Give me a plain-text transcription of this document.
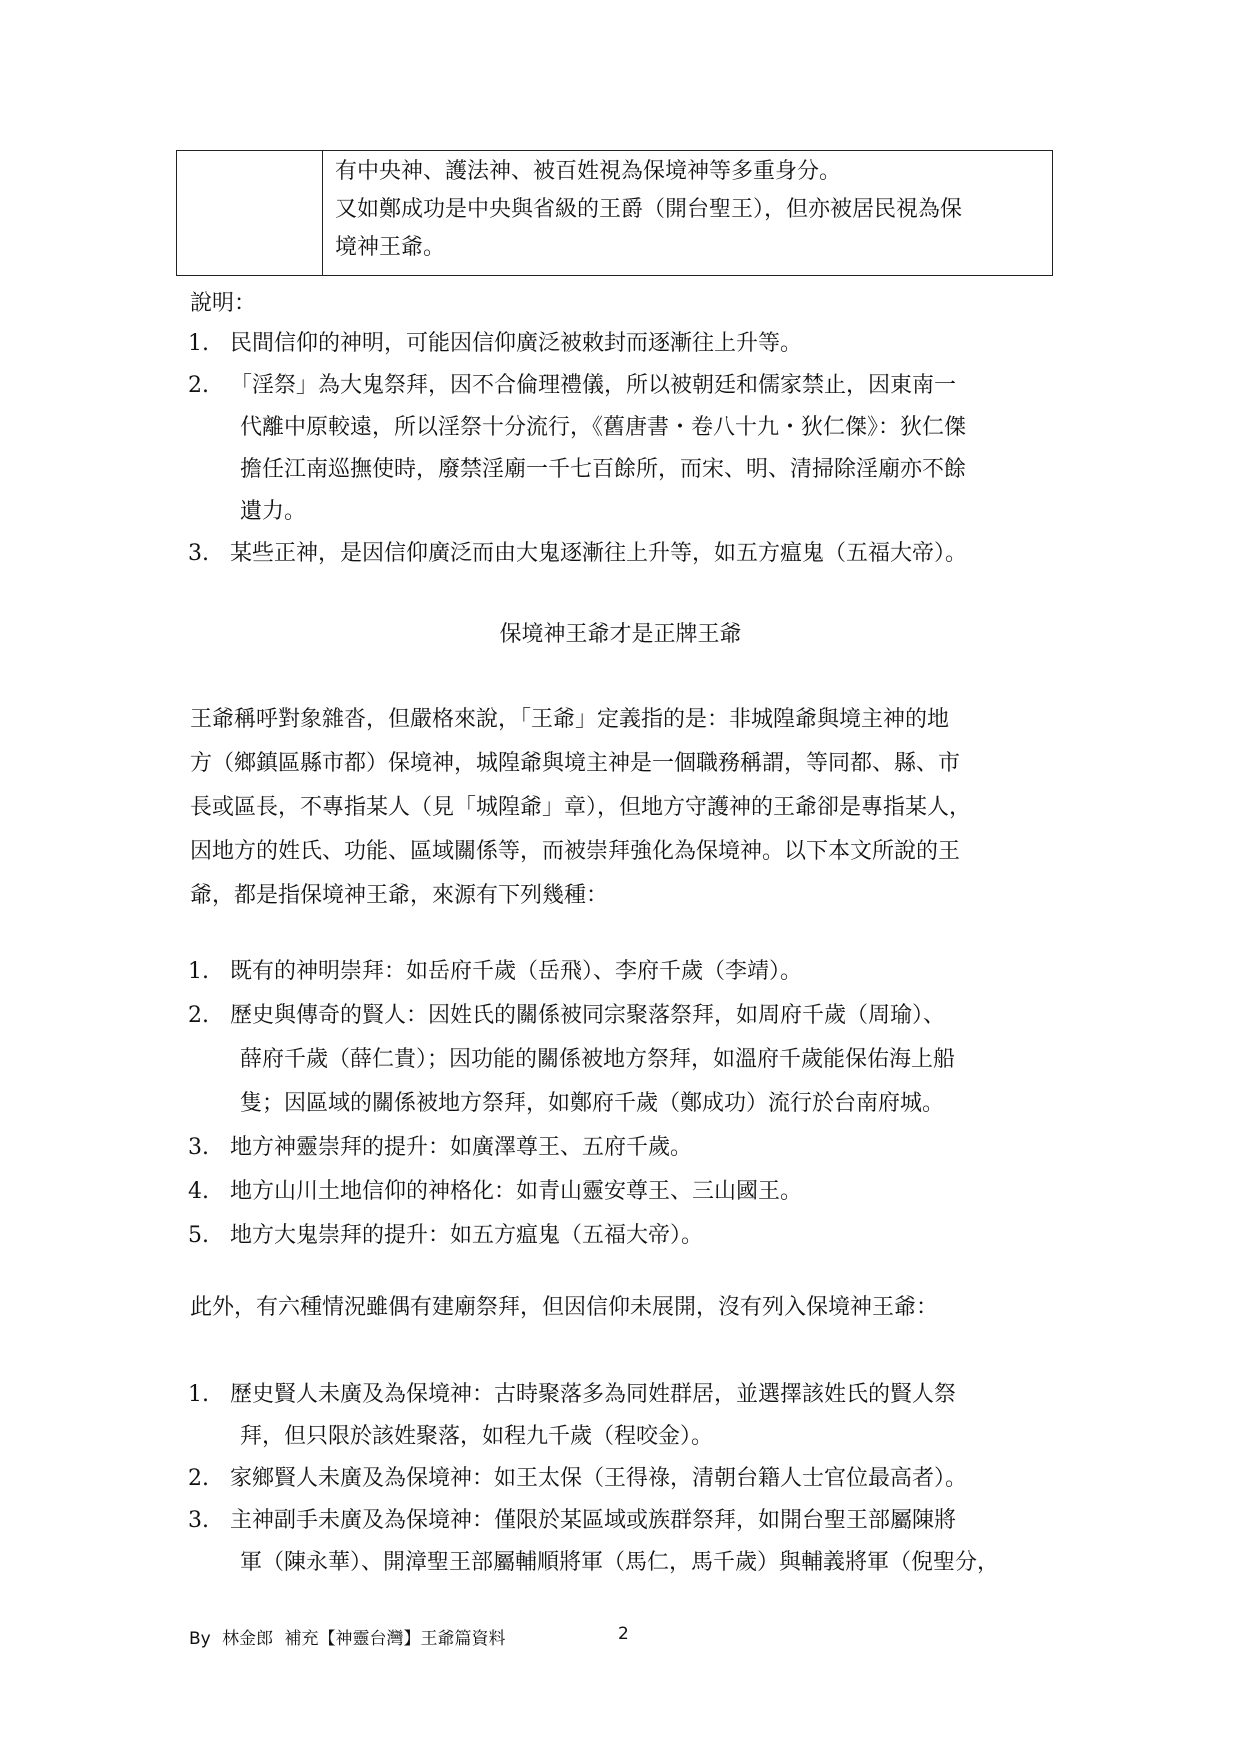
有中央神、護法神、被百姓視為保境神等多重身分。
又如鄭成功是中央與省級的王爵（開台聖王），但亦被居民視為保
境神王爺。
說明：
1. 民間信仰的神明，可能因信仰廣泛被敕封而逐漸往上升等。
2. 「淫祭」為大鬼祭拜，因不合倫理禮儀，所以被朝廷和儒家禁止，因東南一
代離中原較遠，所以淫祭十分流行，《舊唐書・卷八十九・狄仁傑》：狄仁傑
擔任江南巡撫使時，廢禁淫廟一千七百餘所，而宋、明、清掃除淫廟亦不餘
遺力。
3. 某些正神，是因信仰廣泛而由大鬼逐漸往上升等，如五方瘟鬼（五福大帝）。
保境神王爺才是正牌王爺
王爺稱呼對象雜沓，但嚴格來說，「王爺」定義指的是：非城隍爺與境主神的地
方（鄉鎮區縣市都）保境神，城隍爺與境主神是一個職務稱謂，等同都、縣、市
長或區長，不專指某人（見「城隍爺」章），但地方守護神的王爺卻是專指某人，
因地方的姓氏、功能、區域關係等，而被崇拜強化為保境神。以下本文所說的王
爺，都是指保境神王爺，來源有下列幾種：
1. 既有的神明崇拜：如岳府千歲（岳飛）、李府千歲（李靖）。
2. 歷史與傳奇的賢人：因姓氏的關係被同宗聚落祭拜，如周府千歲（周瑜）、
薛府千歲（薛仁貴）；因功能的關係被地方祭拜，如溫府千歲能保佑海上船
隻；因區域的關係被地方祭拜，如鄭府千歲（鄭成功）流行於台南府城。
3. 地方神靈崇拜的提升：如廣澤尊王、五府千歲。
4. 地方山川土地信仰的神格化：如青山靈安尊王、三山國王。
5. 地方大鬼崇拜的提升：如五方瘟鬼（五福大帝）。
此外，有六種情況雖偶有建廟祭拜，但因信仰未展開，沒有列入保境神王爺：
1. 歷史賢人未廣及為保境神：古時聚落多為同姓群居，並選擇該姓氏的賢人祭
拜，但只限於該姓聚落，如程九千歲（程咬金）。
2. 家鄉賢人未廣及為保境神：如王太保（王得祿，清朝台籍人士官位最高者）。
3. 主神副手未廣及為保境神：僅限於某區域或族群祭拜，如開台聖王部屬陳將
軍（陳永華）、開漳聖王部屬輔順將軍（馬仁，馬千歲）與輔義將軍（倪聖分，
By 林金郎 補充【神靈台灣】王爺篇資料	2
